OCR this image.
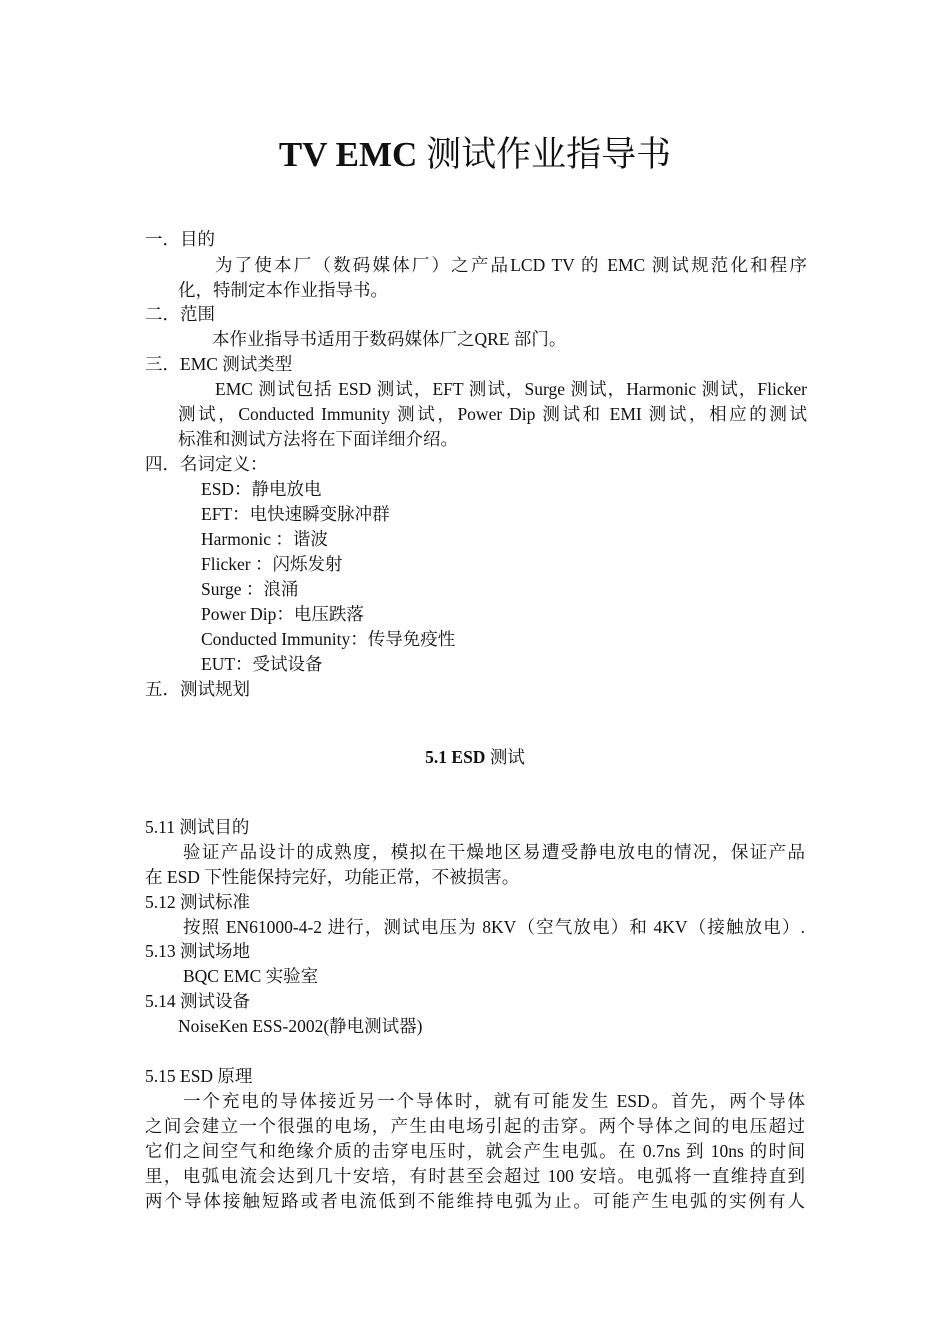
TV EMC 测试作业指导书
一．目的
为了使本厂（数码媒体厂）之产品LCD TV 的 EMC 测试规范化和程序
化，特制定本作业指导书。
二．范围
本作业指导书适用于数码媒体厂之QRE 部门。
三．EMC 测试类型
EMC 测试包括 ESD 测试，EFT 测试，Surge 测试，Harmonic 测试，Flicker
测试，Conducted Immunity 测试，Power Dip 测试和 EMI 测试，相应的测试
标准和测试方法将在下面详细介绍。
四．名词定义：
ESD：静电放电
EFT：电快速瞬变脉冲群
Harmonic ：谐波
Flicker ：闪烁发射
Surge ：浪涌
Power Dip：电压跌落
Conducted Immunity：传导免疫性
EUT：受试设备
五．测试规划
5.1 ESD 测试
5.11 测试目的
验证产品设计的成熟度，模拟在干燥地区易遭受静电放电的情况，保证产品
在 ESD 下性能保持完好，功能正常，不被损害。
5.12 测试标准
按照 EN61000-4-2 进行，测试电压为 8KV（空气放电）和 4KV（接触放电）.
5.13 测试场地
BQC EMC 实验室
5.14 测试设备
NoiseKen ESS-2002(静电测试器)
5.15 ESD 原理
一个充电的导体接近另一个导体时，就有可能发生 ESD。首先，两个导体
之间会建立一个很强的电场，产生由电场引起的击穿。两个导体之间的电压超过
它们之间空气和绝缘介质的击穿电压时，就会产生电弧。在 0.7ns 到 10ns 的时间
里，电弧电流会达到几十安培，有时甚至会超过 100 安培。电弧将一直维持直到
两个导体接触短路或者电流低到不能维持电弧为止。可能产生电弧的实例有人
